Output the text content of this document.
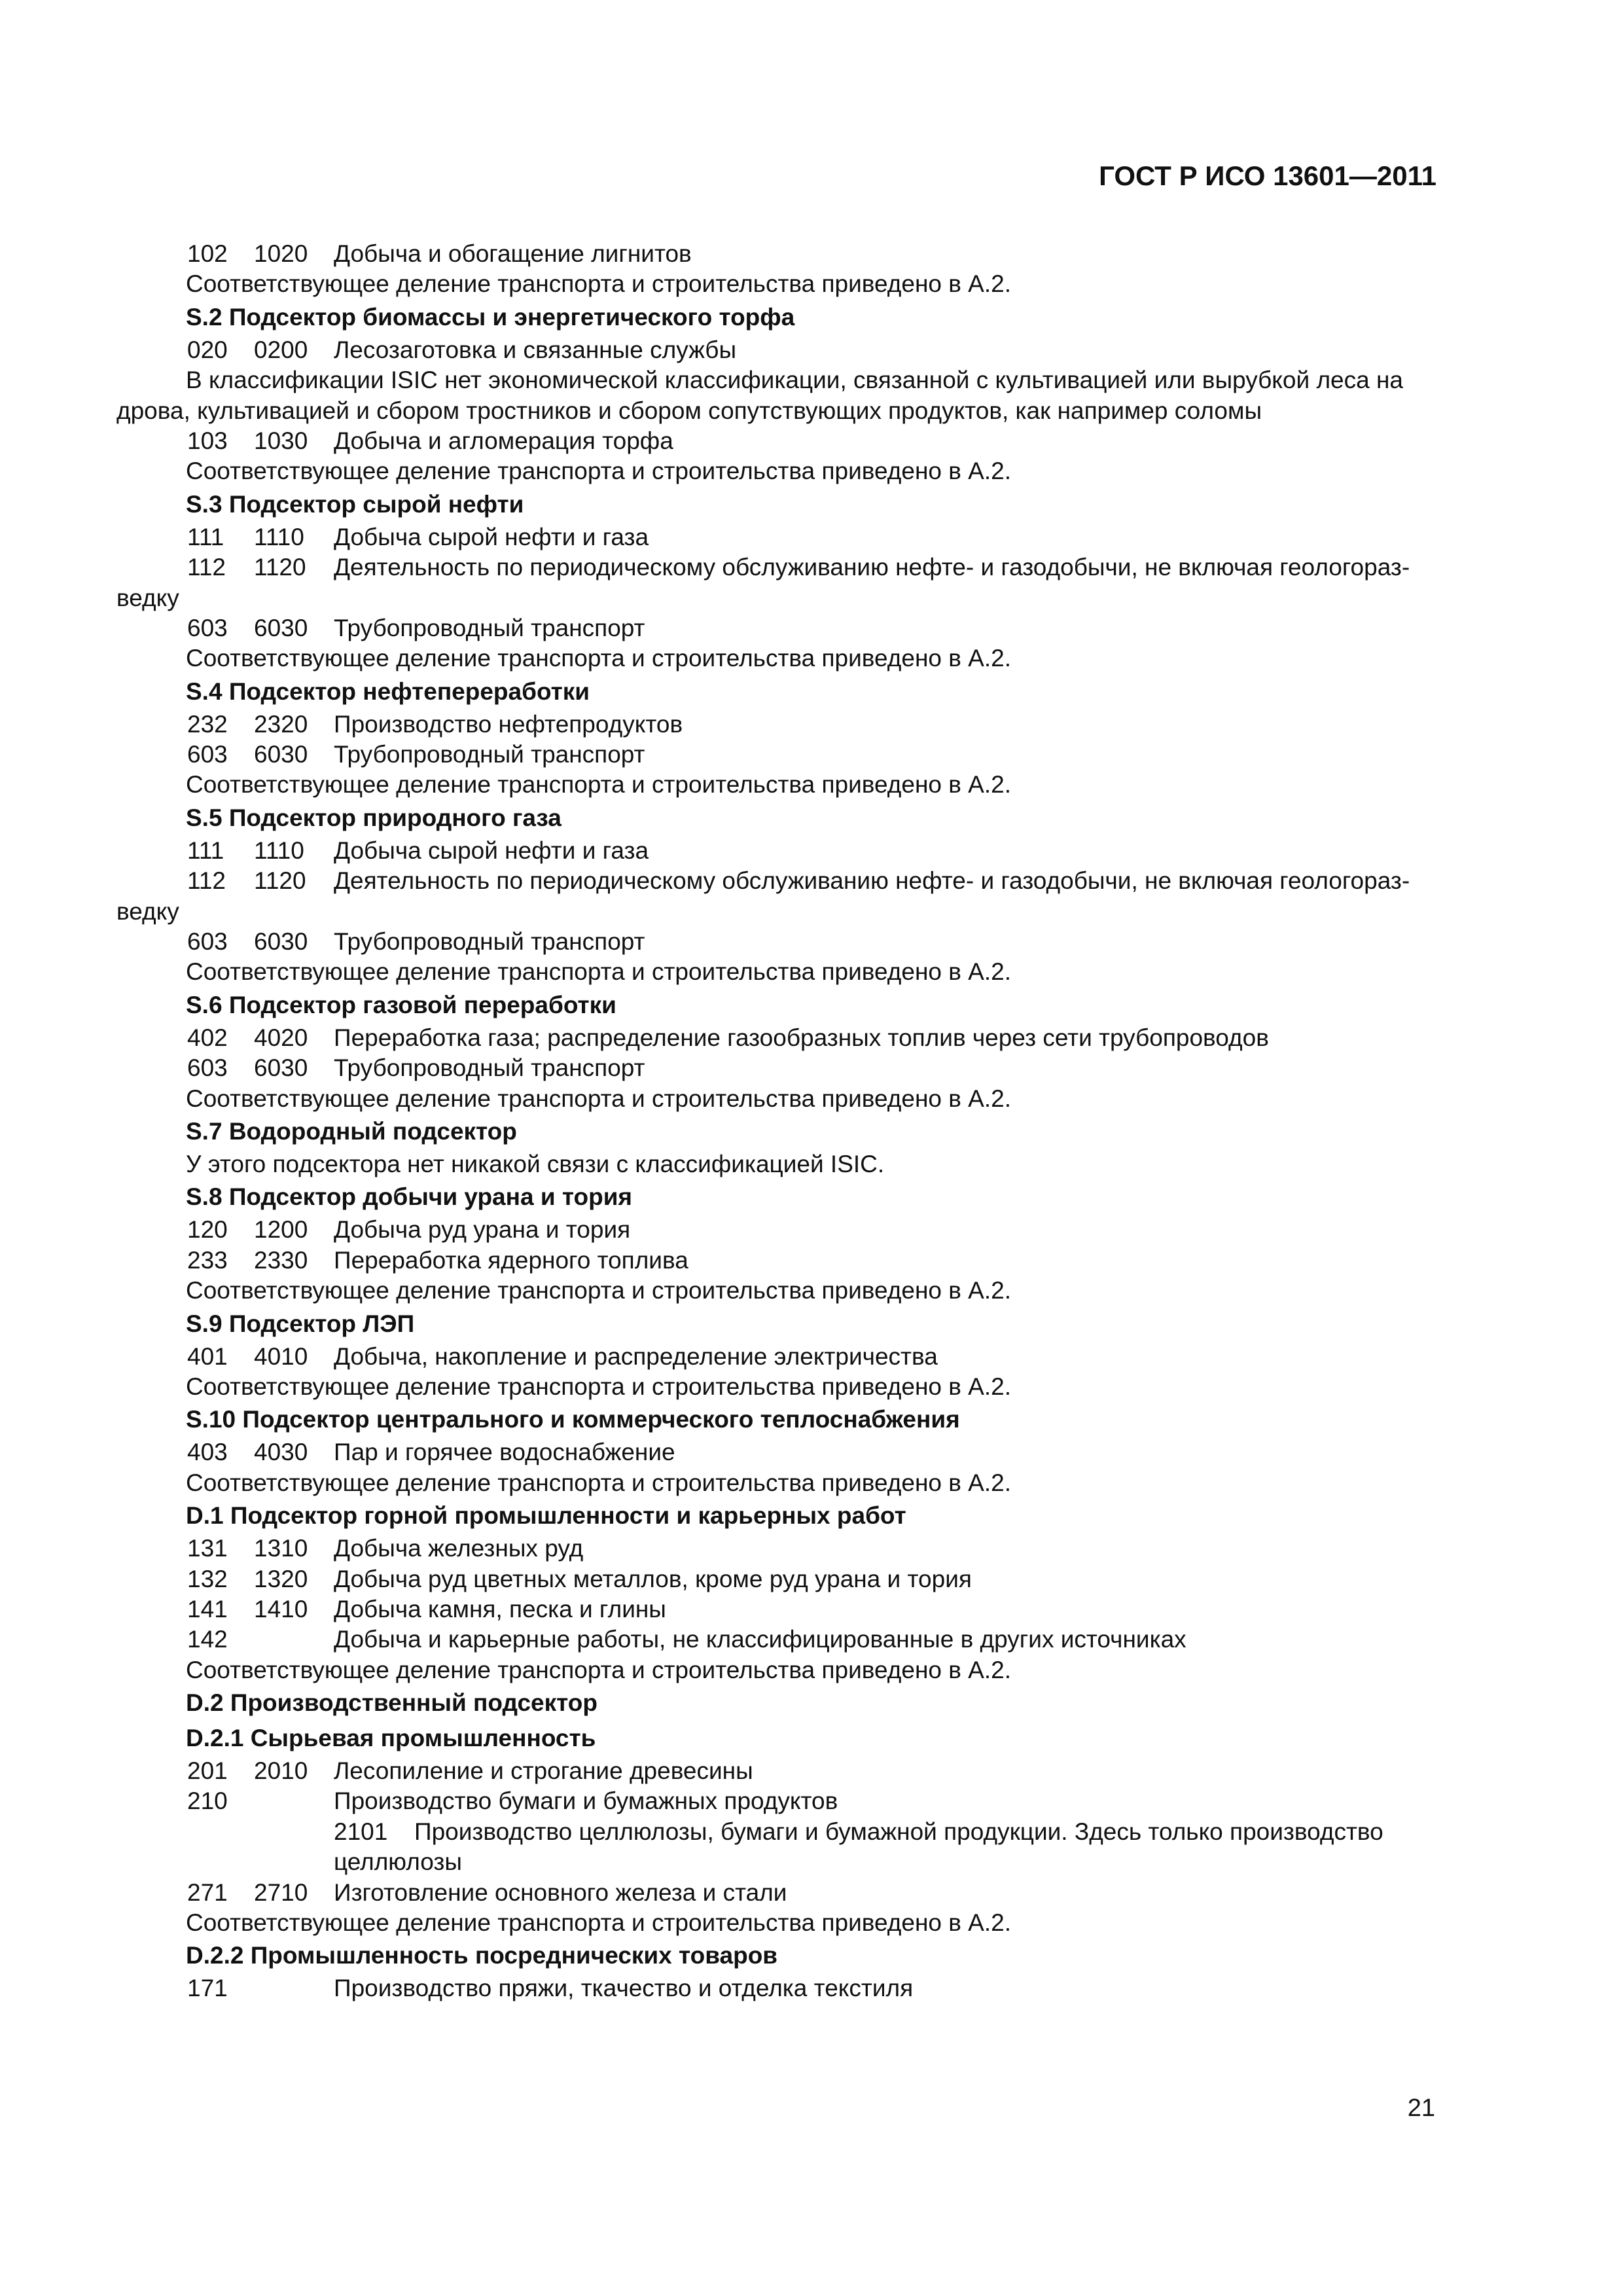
ГОСТ Р ИСО 13601—2011
102 1020 Добыча и обогащение лигнитов
Соответствующее деление транспорта и строительства приведено в А.2.
S.2 Подсектор биомассы и энергетического торфа
020 0200 Лесозаготовка и связанные службы
В классификации ISIC нет экономической классификации, связанной с культивацией или вырубкой леса на
дрова, культивацией и сбором тростников и сбором сопутствующих продуктов, как например соломы
103 1030 Добыча и агломерация торфа
Соответствующее деление транспорта и строительства приведено в А.2.
S.3 Подсектор сырой нефти
111 1110 Добыча сырой нефти и газа
112 1120 Деятельность по периодическому обслуживанию нефте- и газодобычи, не включая геологораз-
ведку
603 6030 Трубопроводный транспорт
Соответствующее деление транспорта и строительства приведено в А.2.
S.4 Подсектор нефтепереработки
232 2320 Производство нефтепродуктов
603 6030 Трубопроводный транспорт
Соответствующее деление транспорта и строительства приведено в А.2.
S.5 Подсектор природного газа
111 1110 Добыча сырой нефти и газа
112 1120 Деятельность по периодическому обслуживанию нефте- и газодобычи, не включая геологораз-
ведку
603 6030 Трубопроводный транспорт
Соответствующее деление транспорта и строительства приведено в А.2.
S.6 Подсектор газовой переработки
402 4020 Переработка газа; распределение газообразных топлив через сети трубопроводов
603 6030 Трубопроводный транспорт
Соответствующее деление транспорта и строительства приведено в А.2.
S.7 Водородный подсектор
У этого подсектора нет никакой связи с классификацией ISIC.
S.8 Подсектор добычи урана и тория
120 1200 Добыча руд урана и тория
233 2330 Переработка ядерного топлива
Соответствующее деление транспорта и строительства приведено в А.2.
S.9 Подсектор ЛЭП
401 4010 Добыча, накопление и распределение электричества
Соответствующее деление транспорта и строительства приведено в А.2.
S.10 Подсектор центрального и коммерческого теплоснабжения
403 4030 Пар и горячее водоснабжение
Соответствующее деление транспорта и строительства приведено в А.2.
D.1 Подсектор горной промышленности и карьерных работ
131 1310 Добыча железных руд
132 1320 Добыча руд цветных металлов, кроме руд урана и тория
141 1410 Добыча камня, песка и глины
142	Добыча и карьерные работы, не классифицированные в других источниках
Соответствующее деление транспорта и строительства приведено в А.2.
D.2 Производственный подсектор
D.2.1 Сырьевая промышленность
201 2010 Лесопиление и строгание древесины
210	Производство бумаги и бумажных продуктов
2101 Производство целлюлозы, бумаги и бумажной продукции. Здесь только производство
целлюлозы
271 2710 Изготовление основного железа и стали
Соответствующее деление транспорта и строительства приведено в А.2.
D.2.2 Промышленность посреднических товаров
171	Производство пряжи, ткачество и отделка текстиля
21
